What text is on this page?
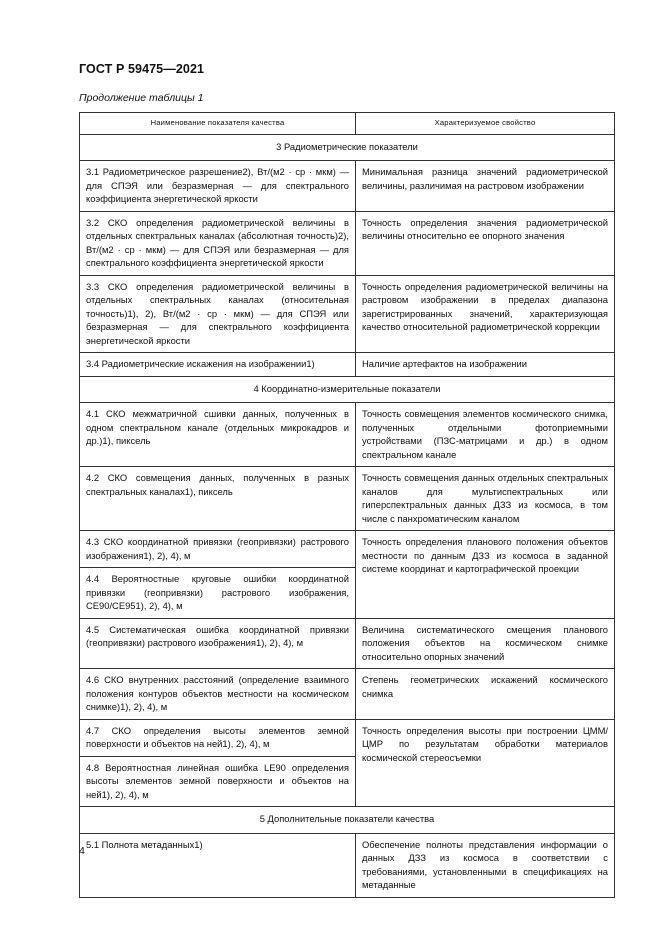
ГОСТ Р 59475—2021
Продолжение таблицы 1
Наименование показателя качества	Характеризуемое свойство
3 Радиометрические показатели	
3.1 Радиометрическое разрешение2), Вт/(м2 · ср · мкм) — для СПЭЯ или безразмерная — для спектрального коэффициента энергетической яркости	Минимальная разница значений радиометрической величины, различимая на растровом изображении
3.2 СКО определения радиометрической величины в отдельных спектральных каналах (абсолютная точность)2), Вт/(м2 · ср · мкм) — для СПЭЯ или безразмерная — для спектрального коэффициента энергетической яркости	Точность определения значения радиометрической величины относительно ее опорного значения
3.3 СКО определения радиометрической величины в отдельных спектральных каналах (относительная точность)1), 2), Вт/(м2 · ср · мкм) — для СПЭЯ или безразмерная — для спектрального коэффициента энергетической яркости	Точность определения радиометрической величины на растровом изображении в пределах диапазона зарегистрированных значений, характеризующая качество относительной радиометрической коррекции
3.4 Радиометрические искажения на изображении1)	Наличие артефактов на изображении
4 Координатно-измерительные показатели	
4.1 СКО межматричной сшивки данных, полученных в одном спектральном канале (отдельных микрокадров и др.)1), пиксель	Точность совмещения элементов космического снимка, полученных отдельными фотоприемными устройствами (ПЗС-матрицами и др.) в одном спектральном канале
4.2 СКО совмещения данных, полученных в разных спектральных каналах1), пиксель	Точность совмещения данных отдельных спектральных каналов для мультиспектральных или гиперспектральных данных ДЗЗ из космоса, в том числе с панхроматическим каналом
4.3 СКО координатной привязки (геопривязки) растрового изображения1), 2), 4), м	Точность определения планового положения объектов местности по данным ДЗЗ из космоса в заданной системе координат и картографической проекции
4.4 Вероятностные круговые ошибки координатной привязки (геопривязки) растрового изображения, CE90/CE951), 2), 4), м	
4.5 Систематическая ошибка координатной привязки (геопривязки) растрового изображения1), 2), 4), м	Величина систематического смещения планового положения объектов на космическом снимке относительно опорных значений
4.6 СКО внутренних расстояний (определение взаимного положения контуров объектов местности на космическом снимке)1), 2), 4), м	Степень геометрических искажений космического снимка
4.7 СКО определения высоты элементов земной поверхности и объектов на ней1), 2), 4), м	Точность определения высоты при построении ЦММ/ЦМР по результатам обработки материалов космической стереосъемки
4.8 Вероятностная линейная ошибка LE90 определения высоты элементов земной поверхности и объектов на ней1), 2), 4), м	
5 Дополнительные показатели качества	
5.1 Полнота метаданных1)	Обеспечение полноты представления информации о данных ДЗЗ из космоса в соответствии с требованиями, установленными в спецификациях на метаданные
4
